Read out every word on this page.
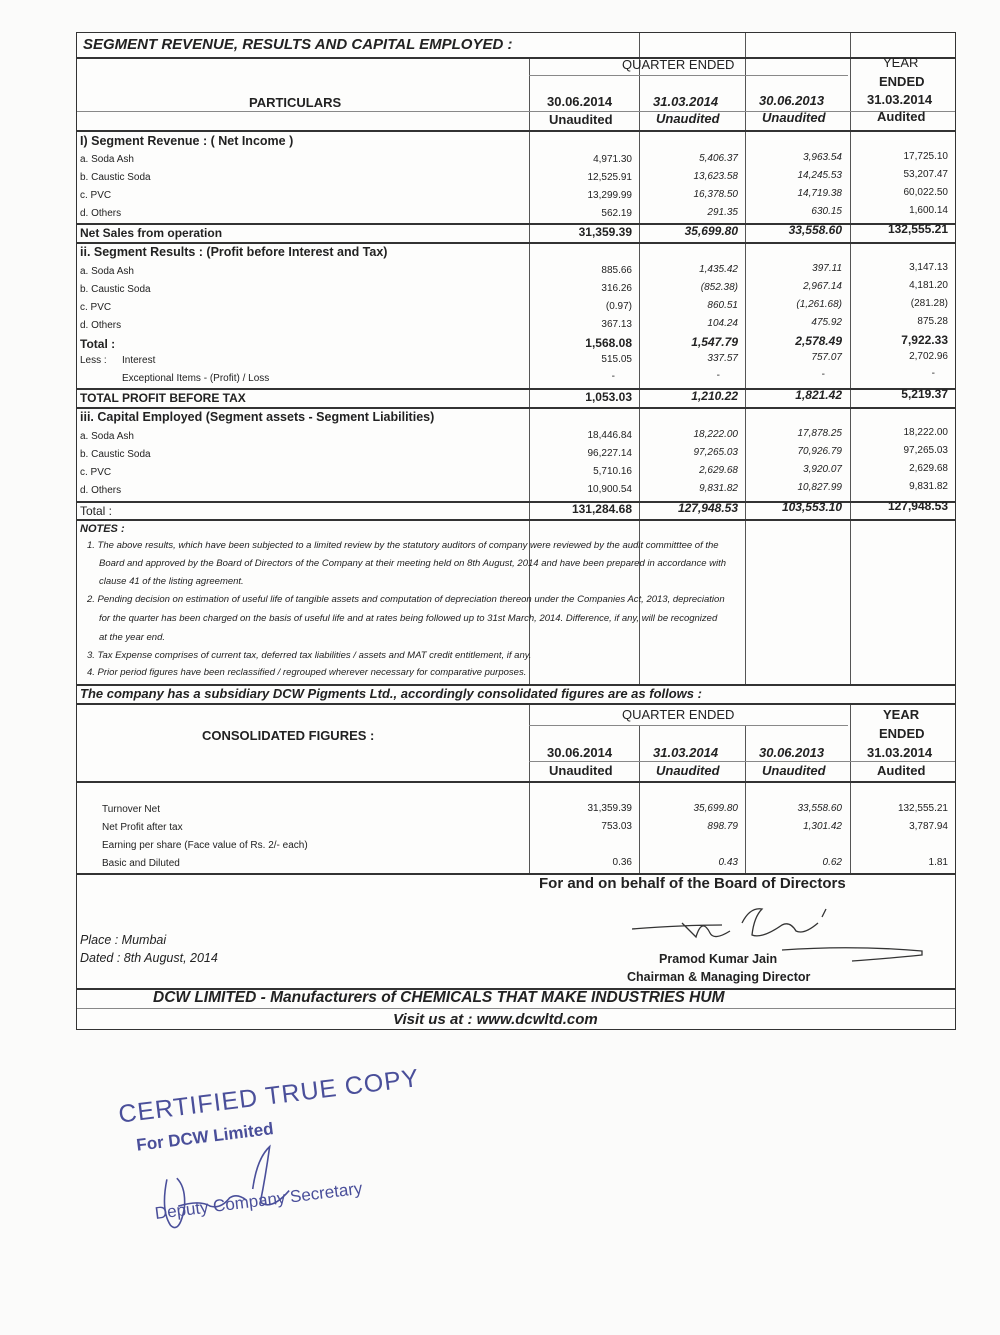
SEGMENT REVENUE, RESULTS AND CAPITAL EMPLOYED :
PARTICULARS
QUARTER ENDED	YEAR
ENDED
30.06.2014	31.03.2014	30.06.2013	31.03.2014
Unaudited	Unaudited	Unaudited	Audited
I) Segment Revenue : ( Net Income )
a. Soda Ash	4,971.30	5,406.37	3,963.54	17,725.10
b. Caustic Soda	12,525.91	13,623.58	14,245.53	53,207.47
c. PVC	13,299.99	16,378.50	14,719.38	60,022.50
d. Others	562.19	291.35	630.15	1,600.14
Net Sales from operation	31,359.39	35,699.80	33,558.60	132,555.21
ii. Segment Results : (Profit before Interest and Tax)
a. Soda Ash	885.66	1,435.42	397.11	3,147.13
b. Caustic Soda	316.26	(852.38)	2,967.14	4,181.20
c. PVC	(0.97)	860.51	(1,261.68)	(281.28)
d. Others	367.13	104.24	475.92	875.28
Total :	1,568.08	1,547.79	2,578.49	7,922.33
Less : Interest	515.05	337.57	757.07	2,702.96
Exceptional Items - (Profit) / Loss	-	-	-	-
TOTAL PROFIT BEFORE TAX	1,053.03	1,210.22	1,821.42	5,219.37
iii. Capital Employed (Segment assets - Segment Liabilities)
a. Soda Ash	18,446.84	18,222.00	17,878.25	18,222.00
b. Caustic Soda	96,227.14	97,265.03	70,926.79	97,265.03
c. PVC	5,710.16	2,629.68	3,920.07	2,629.68
d. Others	10,900.54	9,831.82	10,827.99	9,831.82
Total :	131,284.68	127,948.53	103,553.10	127,948.53
NOTES :
1. The above results, which have been subjected to a limited review by the statutory auditors of company were reviewed by the audit committtee of the
Board and approved by the Board of Directors of the Company at their meeting held on 8th August, 2014 and have been prepared in accordance with
clause 41 of the listing agreement.
2. Pending decision on estimation of useful life of tangible assets and computation of depreciation thereon under the Companies Act, 2013, depreciation
for the quarter has been charged on the basis of useful life and at rates being followed up to 31st March, 2014. Difference, if any, will be recognized
at the year end.
3. Tax Expense comprises of current tax, deferred tax liabilities / assets and MAT credit entitlement, if any.
4. Prior period figures have been reclassified / regrouped wherever necessary for comparative purposes.
The company has a subsidiary DCW Pigments Ltd., accordingly consolidated figures are as follows :
CONSOLIDATED FIGURES :
QUARTER ENDED	YEAR
ENDED
30.06.2014	31.03.2014	30.06.2013	31.03.2014
Unaudited	Unaudited	Unaudited	Audited
Turnover Net	31,359.39	35,699.80	33,558.60	132,555.21
Net Profit after tax	753.03	898.79	1,301.42	3,787.94
Earning per share (Face value of Rs. 2/- each)
Basic and Diluted	0.36	0.43	0.62	1.81
For and on behalf of the Board of Directors
Place : Mumbai
Dated : 8th August, 2014	Pramod Kumar Jain
Chairman & Managing Director
DCW LIMITED - Manufacturers of CHEMICALS THAT MAKE INDUSTRIES HUM
Visit us at : www.dcwltd.com
CERTIFIED TRUE COPY
For DCW Limited
Deputy Company Secretary
